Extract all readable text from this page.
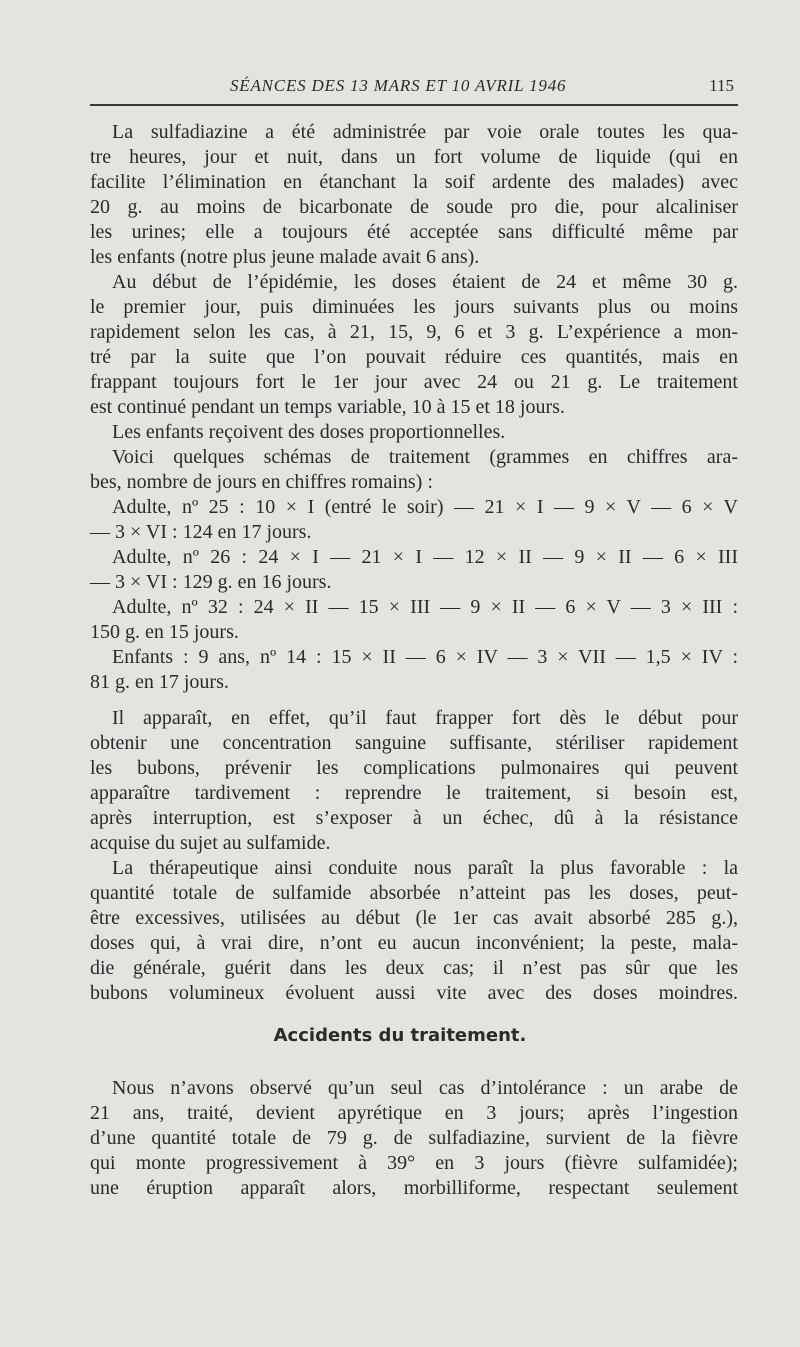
SÉANCES DES 13 MARS ET 10 AVRIL 1946	115
La sulfadiazine a été administrée par voie orale toutes les qua-
tre heures, jour et nuit, dans un fort volume de liquide (qui en
facilite l’élimination en étanchant la soif ardente des malades) avec
20 g. au moins de bicarbonate de soude pro die, pour alcaliniser
les urines; elle a toujours été acceptée sans difficulté même par
les enfants (notre plus jeune malade avait 6 ans).
Au début de l’épidémie, les doses étaient de 24 et même 30 g.
le premier jour, puis diminuées les jours suivants plus ou moins
rapidement selon les cas, à 21, 15, 9, 6 et 3 g. L’expérience a mon-
tré par la suite que l’on pouvait réduire ces quantités, mais en
frappant toujours fort le 1er jour avec 24 ou 21 g. Le traitement
est continué pendant un temps variable, 10 à 15 et 18 jours.
Les enfants reçoivent des doses proportionnelles.
Voici quelques schémas de traitement (grammes en chiffres ara-
bes, nombre de jours en chiffres romains) :
Adulte, nº 25 : 10 × I (entré le soir) — 21 × I — 9 × V — 6 × V
— 3 × VI : 124 en 17 jours.
Adulte, nº 26 : 24 × I — 21 × I — 12 × II — 9 × II — 6 × III
— 3 × VI : 129 g. en 16 jours.
Adulte, nº 32 : 24 × II — 15 × III — 9 × II — 6 × V — 3 × III :
150 g. en 15 jours.
Enfants : 9 ans, nº 14 : 15 × II — 6 × IV — 3 × VII — 1,5 × IV :
81 g. en 17 jours.
Il apparaît, en effet, qu’il faut frapper fort dès le début pour
obtenir une concentration sanguine suffisante, stériliser rapidement
les bubons, prévenir les complications pulmonaires qui peuvent
apparaître tardivement : reprendre le traitement, si besoin est,
après interruption, est s’exposer à un échec, dû à la résistance
acquise du sujet au sulfamide.
La thérapeutique ainsi conduite nous paraît la plus favorable : la
quantité totale de sulfamide absorbée n’atteint pas les doses, peut-
être excessives, utilisées au début (le 1er cas avait absorbé 285 g.),
doses qui, à vrai dire, n’ont eu aucun inconvénient; la peste, mala-
die générale, guérit dans les deux cas; il n’est pas sûr que les
bubons volumineux évoluent aussi vite avec des doses moindres.
Accidents du traitement.
Nous n’avons observé qu’un seul cas d’intolérance : un arabe de
21 ans, traité, devient apyrétique en 3 jours; après l’ingestion
d’une quantité totale de 79 g. de sulfadiazine, survient de la fièvre
qui monte progressivement à 39° en 3 jours (fièvre sulfamidée);
une éruption apparaît alors, morbilliforme, respectant seulement
